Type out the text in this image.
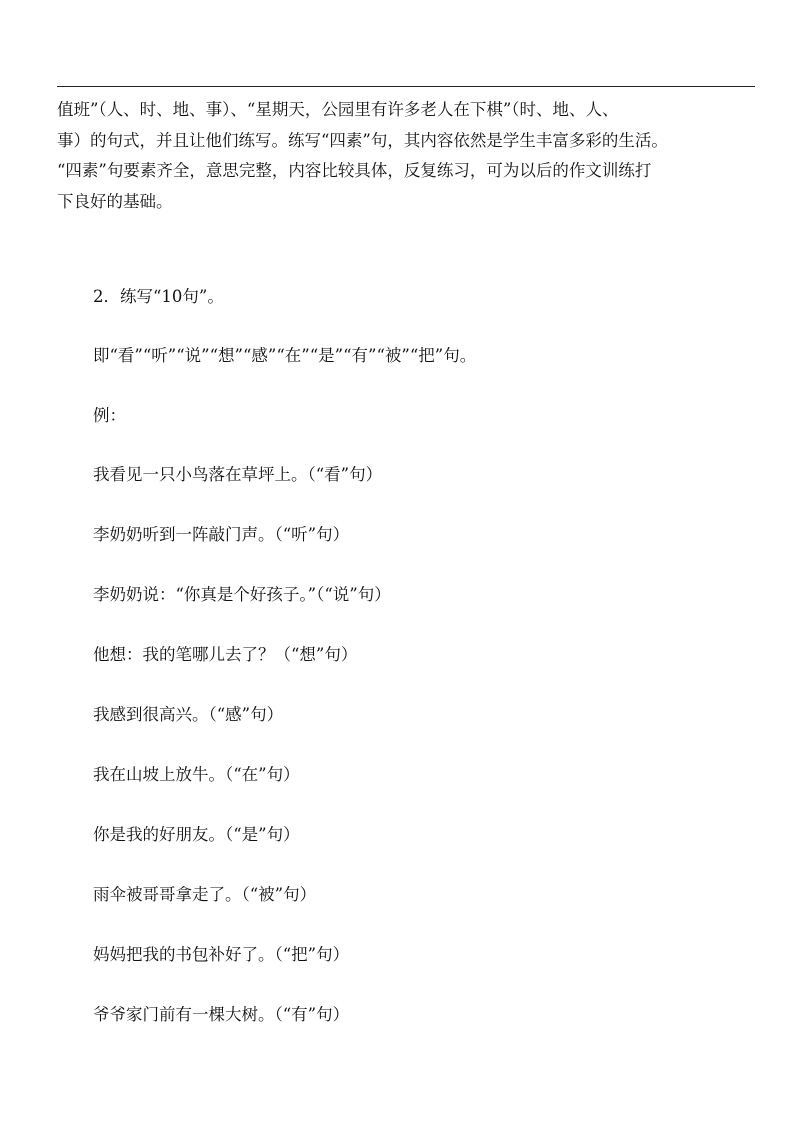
值班”（人、时、地、事）、“星期天，公园里有许多老人在下棋”（时、地、人、
事）的句式，并且让他们练写。练写“四素”句，其内容依然是学生丰富多彩的生活。
“四素”句要素齐全，意思完整，内容比较具体，反复练习，可为以后的作文训练打
下良好的基础。
2．练写“10句”。
即“看”“听”“说”“想”“感”“在”“是”“有”“被”“把”句。
例：
我看见一只小鸟落在草坪上。（“看”句）
李奶奶听到一阵敲门声。（“听”句）
李奶奶说：“你真是个好孩子。”（“说”句）
他想：我的笔哪儿去了？（“想”句）
我感到很高兴。（“感”句）
我在山坡上放牛。（“在”句）
你是我的好朋友。（“是”句）
雨伞被哥哥拿走了。（“被”句）
妈妈把我的书包补好了。（“把”句）
爷爷家门前有一棵大树。（“有”句）
